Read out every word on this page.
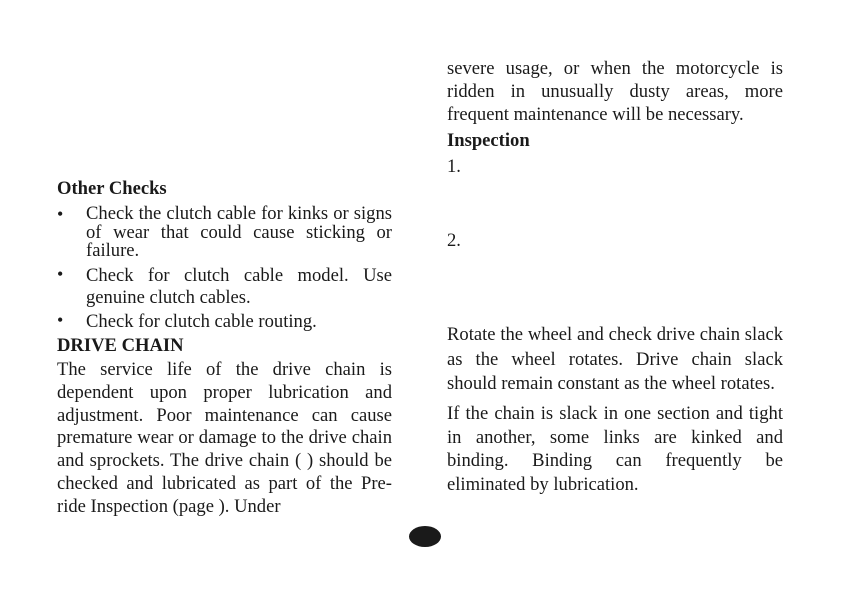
Other Checks
• Check the clutch cable for kinks or signs of wear that could cause sticking or failure.
• Check for clutch cable model. Use genuine clutch cables.
• Check for clutch cable routing.
DRIVE CHAIN

The service life of the drive chain is dependent upon proper lubrication and adjustment. Poor maintenance can cause premature wear or damage to the drive chain and sprockets. The drive chain ( ) should be checked and lubricated as part of the Pre-ride Inspection (page ). Under

severe usage, or when the motorcycle is ridden in unusually dusty areas, more frequent maintenance will be necessary.

Inspection
1.
2.

Rotate the wheel and check drive chain slack as the wheel rotates. Drive chain slack should remain constant as the wheel rotates.

If the chain is slack in one section and tight in another, some links are kinked and binding. Binding can frequently be eliminated by lubrication.
